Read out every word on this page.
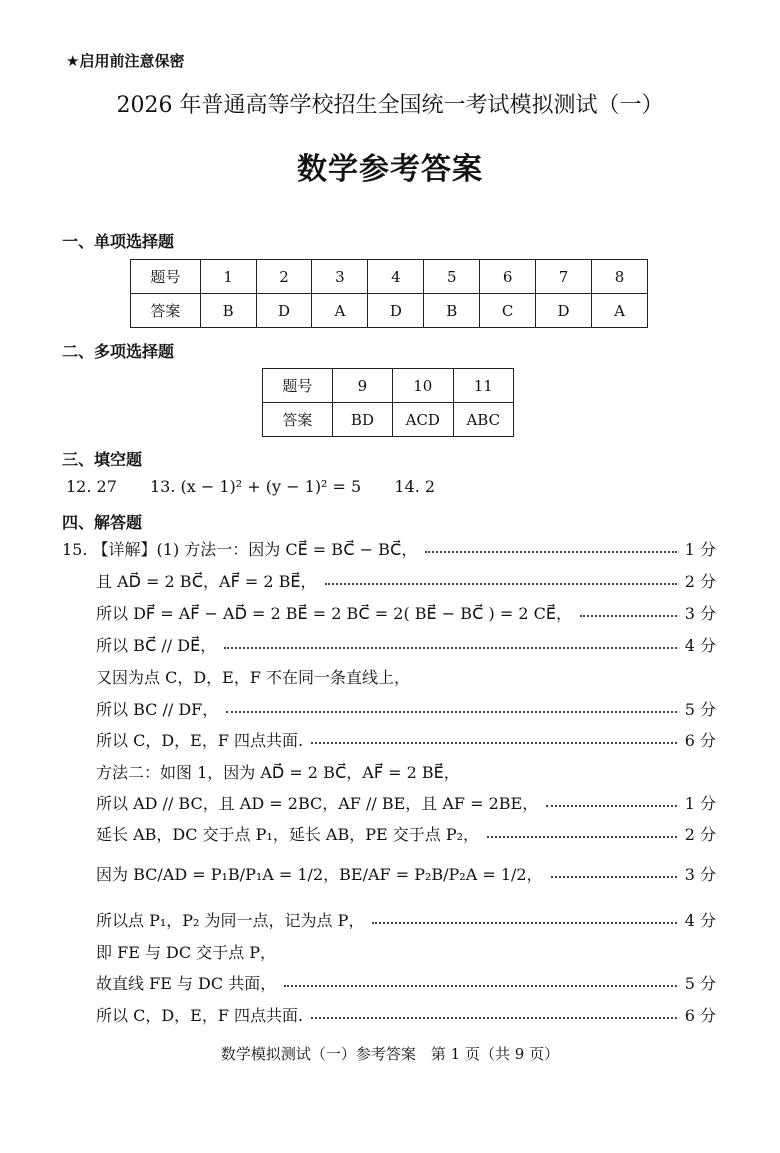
★启用前注意保密
2026 年普通高等学校招生全国统一考试模拟测试（一）
数学参考答案
一、单项选择题
题号	1	2	3	4	5	6	7	8
答案	B	D	A	D	B	C	D	A
二、多项选择题
题号	9	10	11
答案	BD	ACD	ABC
三、填空题
12. 27 13. (x − 1)² + (y − 1)² = 5 14. 2
四、解答题
15. 【详解】(1) 方法一：因为 CE⃗ = BC⃗ − BC⃗，	1 分
且 AD⃗ = 2 BC⃗，AF⃗ = 2 BE⃗，	2 分
所以 DF⃗ = AF⃗ − AD⃗ = 2 BE⃗ = 2 BC⃗ = 2( BE⃗ − BC⃗ ) = 2 CE⃗，	3 分
所以 BC⃗ // DE⃗，	4 分
又因为点 C，D，E，F 不在同一条直线上，
所以 BC // DF，	5 分
所以 C，D，E，F 四点共面.	6 分
方法二：如图 1，因为 AD⃗ = 2 BC⃗，AF⃗ = 2 BE⃗，
所以 AD // BC，且 AD = 2BC，AF // BE，且 AF = 2BE，	1 分
延长 AB，DC 交于点 P₁，延长 AB，PE 交于点 P₂，	2 分
因为 BC/AD = P₁B/P₁A = 1/2，BE/AF = P₂B/P₂A = 1/2，	3 分
所以点 P₁，P₂ 为同一点，记为点 P，	4 分
即 FE 与 DC 交于点 P，
故直线 FE 与 DC 共面，	5 分
所以 C，D，E，F 四点共面.	6 分
数学模拟测试（一）参考答案　第 1 页（共 9 页）
